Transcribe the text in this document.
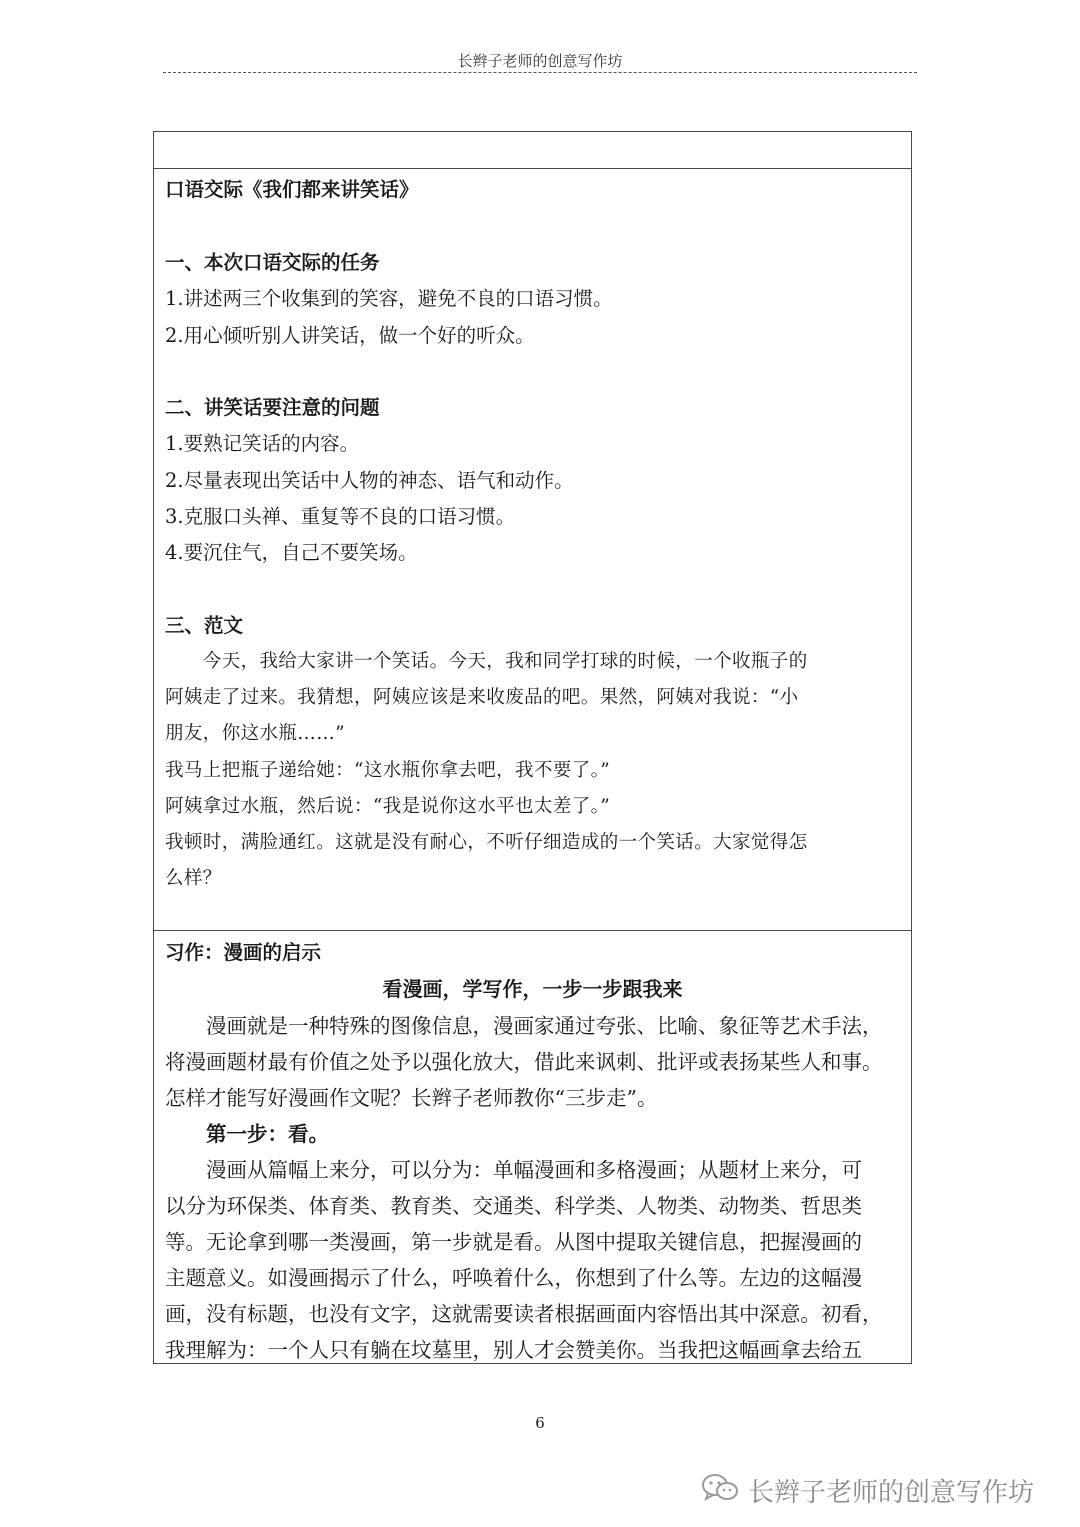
长辫子老师的创意写作坊
口语交际《我们都来讲笑话》
一、本次口语交际的任务
1.讲述两三个收集到的笑容，避免不良的口语习惯。
2.用心倾听别人讲笑话，做一个好的听众。
二、讲笑话要注意的问题
1.要熟记笑话的内容。
2.尽量表现出笑话中人物的神态、语气和动作。
3.克服口头禅、重复等不良的口语习惯。
4.要沉住气，自己不要笑场。
三、范文
　　今天，我给大家讲一个笑话。今天，我和同学打球的时候，一个收瓶子的
阿姨走了过来。我猜想，阿姨应该是来收废品的吧。果然，阿姨对我说：“小
朋友，你这水瓶……”
我马上把瓶子递给她：“这水瓶你拿去吧，我不要了。”
阿姨拿过水瓶，然后说：“我是说你这水平也太差了。”
我顿时，满脸通红。这就是没有耐心，不听仔细造成的一个笑话。大家觉得怎
么样？
习作：漫画的启示
看漫画，学写作，一步一步跟我来
　　漫画就是一种特殊的图像信息，漫画家通过夸张、比喻、象征等艺术手法，
将漫画题材最有价值之处予以强化放大，借此来讽刺、批评或表扬某些人和事。
怎样才能写好漫画作文呢？长辫子老师教你“三步走”。
　　第一步：看。
　　漫画从篇幅上来分，可以分为：单幅漫画和多格漫画；从题材上来分，可
以分为环保类、体育类、教育类、交通类、科学类、人物类、动物类、哲思类
等。无论拿到哪一类漫画，第一步就是看。从图中提取关键信息，把握漫画的
主题意义。如漫画揭示了什么，呼唤着什么，你想到了什么等。左边的这幅漫
画，没有标题，也没有文字，这就需要读者根据画面内容悟出其中深意。初看，
我理解为：一个人只有躺在坟墓里，别人才会赞美你。当我把这幅画拿去给五
6
长辫子老师的创意写作坊
